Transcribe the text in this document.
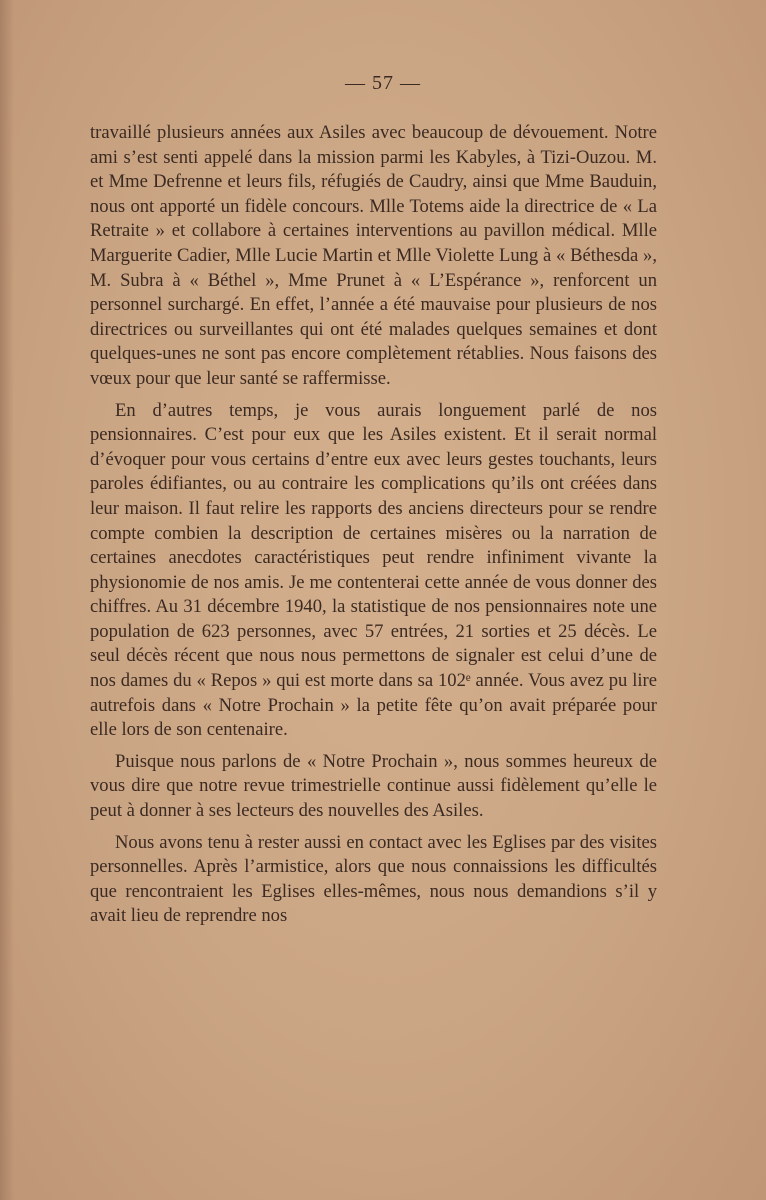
— 57 —

travaillé plusieurs années aux Asiles avec beaucoup de dévouement. Notre ami s’est senti appelé dans la mission parmi les Kabyles, à Tizi-Ouzou. M. et Mme Defrenne et leurs fils, réfugiés de Caudry, ainsi que Mme Bauduin, nous ont apporté un fidèle concours. Mlle Totems aide la directrice de « La Retraite » et collabore à certaines interventions au pavillon médical. Mlle Marguerite Cadier, Mlle Lucie Martin et Mlle Violette Lung à « Béthesda », M. Subra à « Béthel », Mme Prunet à « L’Espérance », renforcent un personnel surchargé. En effet, l’année a été mauvaise pour plusieurs de nos directrices ou surveillantes qui ont été malades quelques semaines et dont quelques-unes ne sont pas encore complètement rétablies. Nous faisons des vœux pour que leur santé se raffermisse.

En d’autres temps, je vous aurais longuement parlé de nos pensionnaires. C’est pour eux que les Asiles existent. Et il serait normal d’évoquer pour vous certains d’entre eux avec leurs gestes touchants, leurs paroles édifiantes, ou au contraire les complications qu’ils ont créées dans leur maison. Il faut relire les rapports des anciens directeurs pour se rendre compte combien la description de certaines misères ou la narration de certaines anecdotes caractéristiques peut rendre infiniment vivante la physionomie de nos amis. Je me contenterai cette année de vous donner des chiffres. Au 31 décembre 1940, la statistique de nos pensionnaires note une population de 623 personnes, avec 57 entrées, 21 sorties et 25 décès. Le seul décès récent que nous nous permettons de signaler est celui d’une de nos dames du « Repos » qui est morte dans sa 102ᵉ année. Vous avez pu lire autrefois dans « Notre Prochain » la petite fête qu’on avait préparée pour elle lors de son centenaire.

Puisque nous parlons de « Notre Prochain », nous sommes heureux de vous dire que notre revue trimestrielle continue aussi fidèlement qu’elle le peut à donner à ses lecteurs des nouvelles des Asiles.

Nous avons tenu à rester aussi en contact avec les Eglises par des visites personnelles. Après l’armistice, alors que nous connaissions les difficultés que rencontraient les Eglises elles-mêmes, nous nous demandions s’il y avait lieu de reprendre nos
